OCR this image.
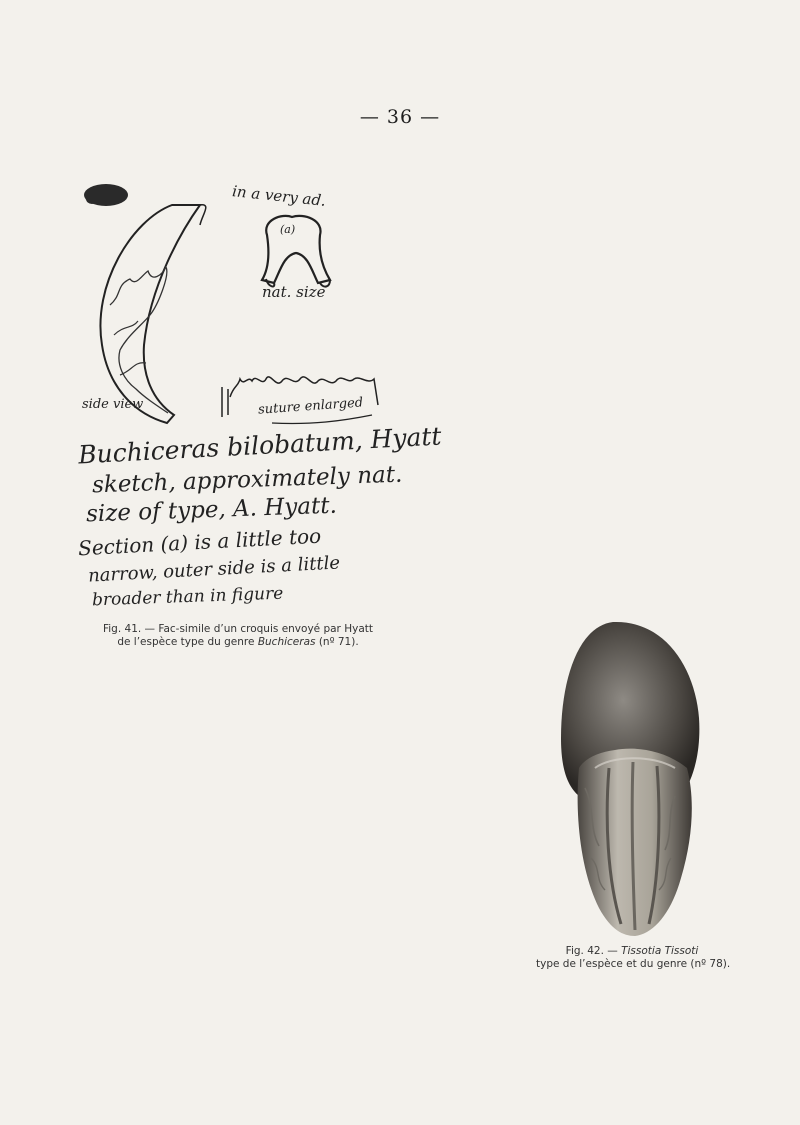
— 36 —
(a)
in a very ad.
nat. size
side view	suture enlarged
Buchiceras bilobatum, Hyatt
sketch, approximately nat.
size of type, A. Hyatt.
Section (a) is a little too
narrow, outer side is a little
broader than in figure
Fig. 41. — Fac-simile d’un croquis envoyé par Hyatt
de l’espèce type du genre Buchiceras (nº 71).
Fig. 42. — Tissotia Tissoti
type de l’espèce et du genre (nº 78).
